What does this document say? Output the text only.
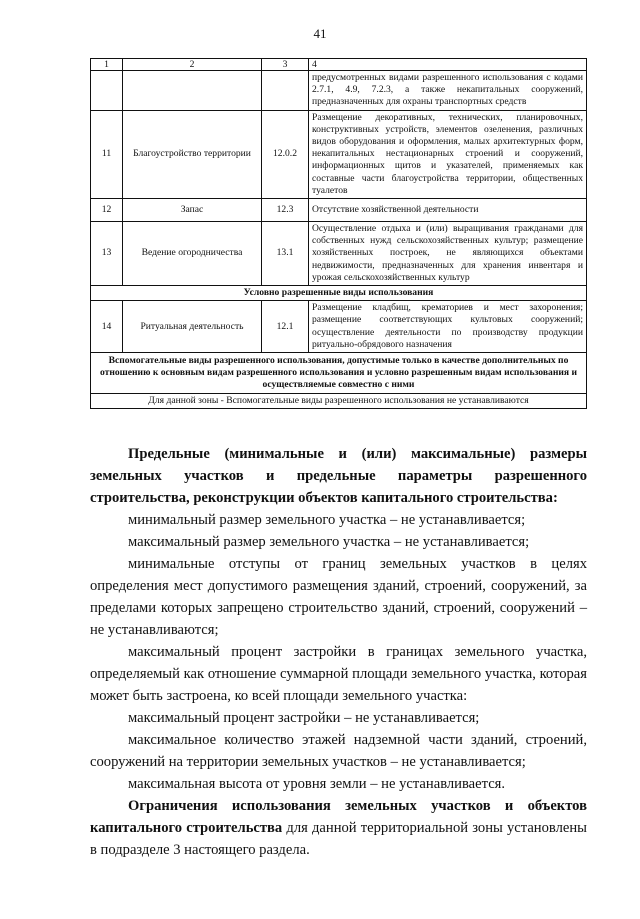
41
1	2	3	4
			предусмотренных видами разрешенного использования с кодами 2.7.1, 4.9, 7.2.3, а также некапитальных сооружений, предназначенных для охраны транспортных средств
11	Благоустройство территории	12.0.2	Размещение декоративных, технических, планировочных, конструктивных устройств, элементов озеленения, различных видов оборудования и оформления, малых архитектурных форм, некапитальных нестационарных строений и сооружений, информационных щитов и указателей, применяемых как составные части благоустройства территории, общественных туалетов
12	Запас	12.3	Отсутствие хозяйственной деятельности
13	Ведение огородничества	13.1	Осуществление отдыха и (или) выращивания гражданами для собственных нужд сельскохозяйственных культур; размещение хозяйственных построек, не являющихся объектами недвижимости, предназначенных для хранения инвентаря и урожая сельскохозяйственных культур
Условно разрешенные виды использования			
14	Ритуальная деятельность	12.1	Размещение кладбищ, крематориев и мест захоронения; размещение соответствующих культовых сооружений; осуществление деятельности по производству продукции ритуально-обрядового назначения
Вспомогательные виды разрешенного использования, допустимые только в качестве дополнительных по отношению к основным видам разрешенного использования и условно разрешенным видам использования и осуществляемые совместно с ними			
Для данной зоны - Вспомогательные виды разрешенного использования не устанавливаются			

Предельные (минимальные и (или) максимальные) размеры земельных участков и предельные параметры разрешенного строительства, реконструкции объектов капитального строительства:

минимальный размер земельного участка – не устанавливается;

максимальный размер земельного участка – не устанавливается;

минимальные отступы от границ земельных участков в целях определения мест допустимого размещения зданий, строений, сооружений, за пределами которых запрещено строительство зданий, строений, сооружений – не устанавливаются;

максимальный процент застройки в границах земельного участка, определяемый как отношение суммарной площади земельного участка, которая может быть застроена, ко всей площади земельного участка:

максимальный процент застройки – не устанавливается;

максимальное количество этажей надземной части зданий, строений, сооружений на территории земельных участков – не устанавливается;

максимальная высота от уровня земли – не устанавливается.

Ограничения использования земельных участков и объектов капитального строительства для данной территориальной зоны установлены в подразделе 3 настоящего раздела.
